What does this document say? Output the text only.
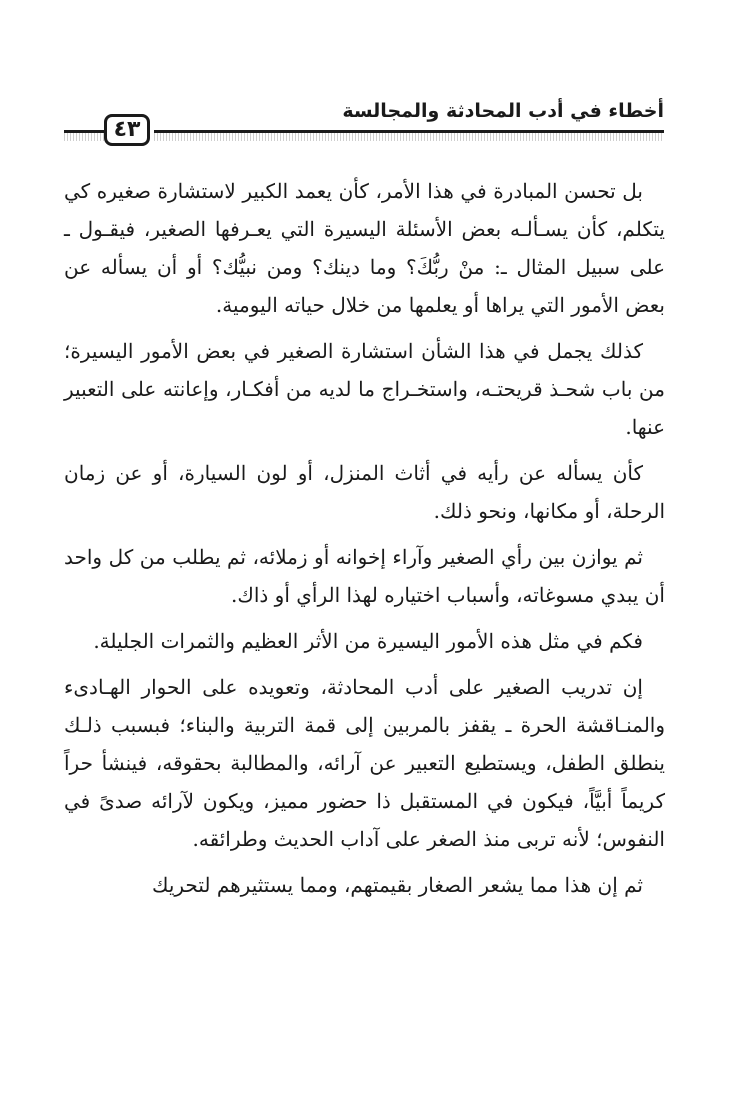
أخطاء في أدب المحادثة والمجالسة
٤٣

بل تحسن المبادرة في هذا الأمر، كأن يعمد الكبير لاستشارة صغيره كي يتكلم، كأن يسـألـه بعض الأسئلة اليسيرة التي يعـرفها الصغير، فيقـول ـ على سبيل المثال ـ: منْ ربُّكَ؟ وما دينك؟ ومن نبيُّك؟ أو أن يسأله عن بعض الأمور التي يراها أو يعلمها من خلال حياته اليومية.

كذلك يجمل في هذا الشأن استشارة الصغير في بعض الأمور اليسيرة؛ من باب شحـذ قريحتـه، واستخـراج ما لديه من أفكـار، وإعانته على التعبير عنها.

كأن يسأله عن رأيه في أثاث المنزل، أو لون السيارة، أو عن زمان الرحلة، أو مكانها، ونحو ذلك.

ثم يوازن بين رأي الصغير وآراء إخوانه أو زملائه، ثم يطلب من كل واحد أن يبدي مسوغاته، وأسباب اختياره لهذا الرأي أو ذاك.

فكم في مثل هذه الأمور اليسيرة من الأثر العظيم والثمرات الجليلة.

إن تدريب الصغير على أدب المحادثة، وتعويده على الحوار الهـادىء والمنـاقشة الحرة ـ يقفز بالمربين إلى قمة التربية والبناء؛ فبسبب ذلـك ينطلق الطفل، ويستطيع التعبير عن آرائه، والمطالبة بحقوقه، فينشأ حراً كريماً أبيَّاً، فيكون في المستقبل ذا حضور مميز، ويكون لآرائه صدىً في النفوس؛ لأنه تربى منذ الصغر على آداب الحديث وطرائقه.

ثم إن هذا مما يشعر الصغار بقيمتهم، ومما يستثيرهم لتحريك
